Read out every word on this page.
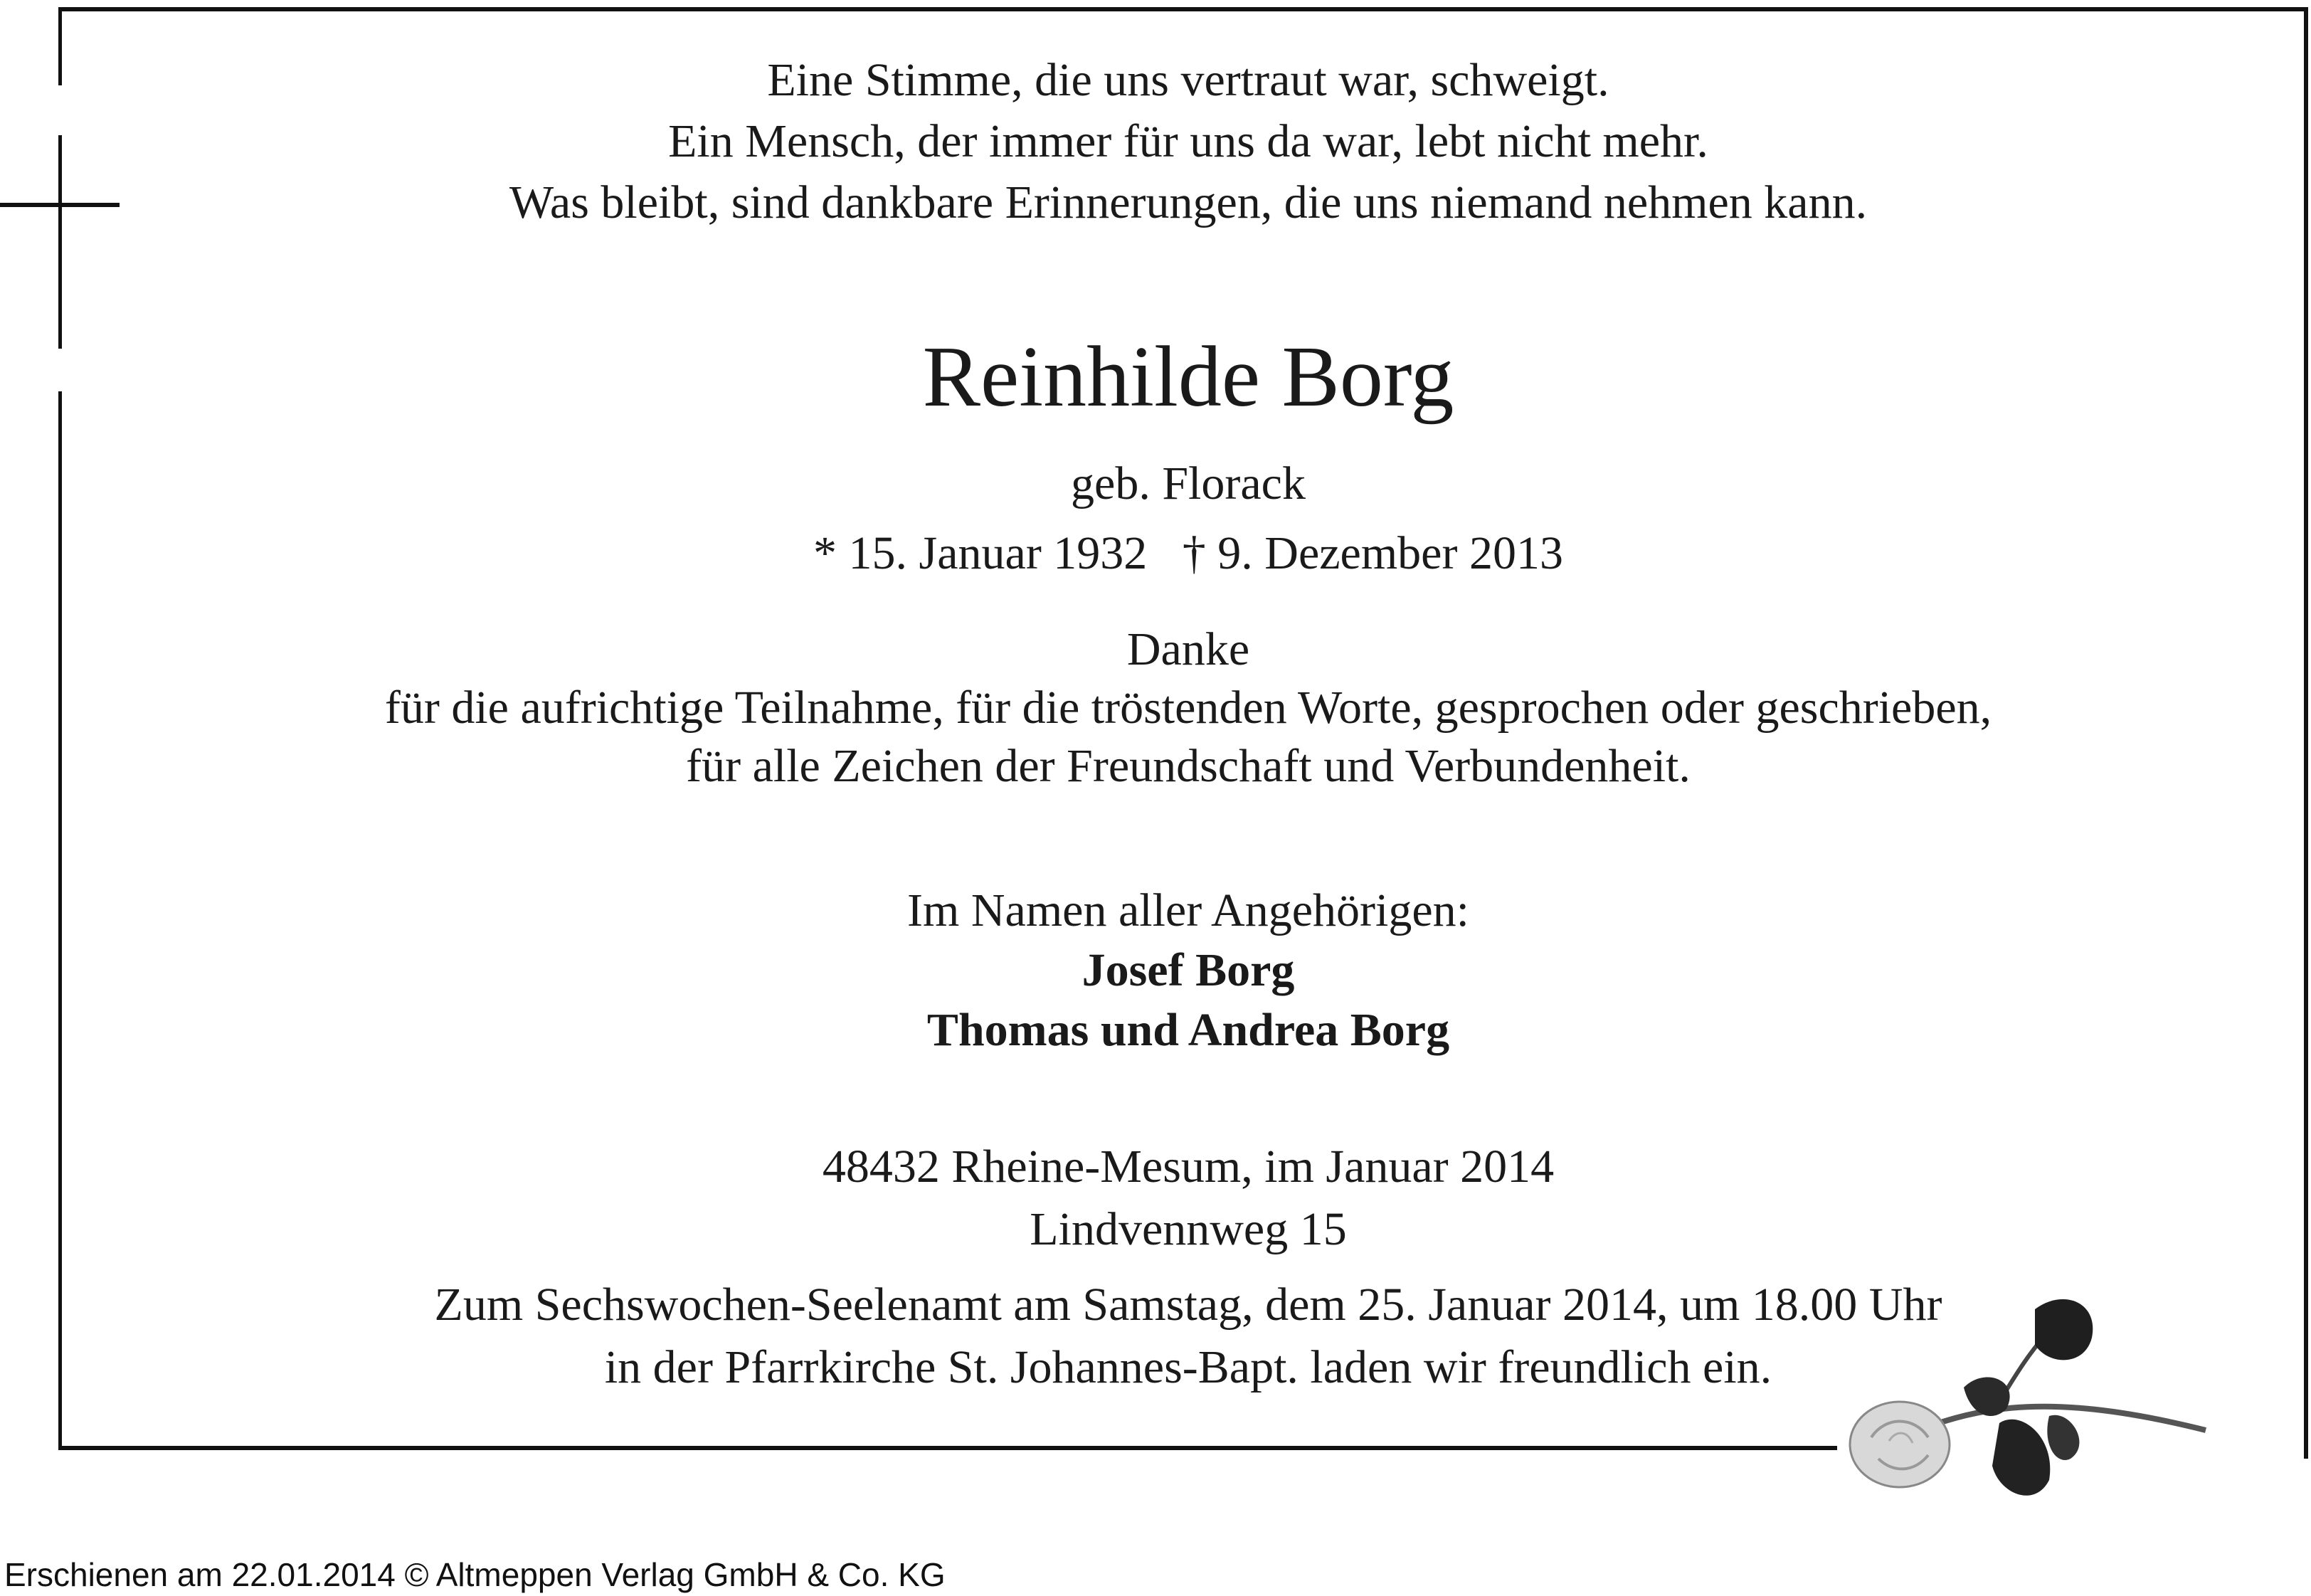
Eine Stimme, die uns vertraut war, schweigt.
Ein Mensch, der immer für uns da war, lebt nicht mehr.
Was bleibt, sind dankbare Erinnerungen, die uns niemand nehmen kann.
Reinhilde Borg
geb. Florack
* 15. Januar 1932   † 9. Dezember 2013
Danke
für die aufrichtige Teilnahme, für die tröstenden Worte, gesprochen oder geschrieben,
für alle Zeichen der Freundschaft und Verbundenheit.
Im Namen aller Angehörigen:
Josef Borg
Thomas und Andrea Borg
48432 Rheine-Mesum, im Januar 2014
Lindvennweg 15
Zum Sechswochen-Seelenamt am Samstag, dem 25. Januar 2014, um 18.00 Uhr
in der Pfarrkirche St. Johannes-Bapt. laden wir freundlich ein.
Erschienen am 22.01.2014 © Altmeppen Verlag GmbH & Co. KG
